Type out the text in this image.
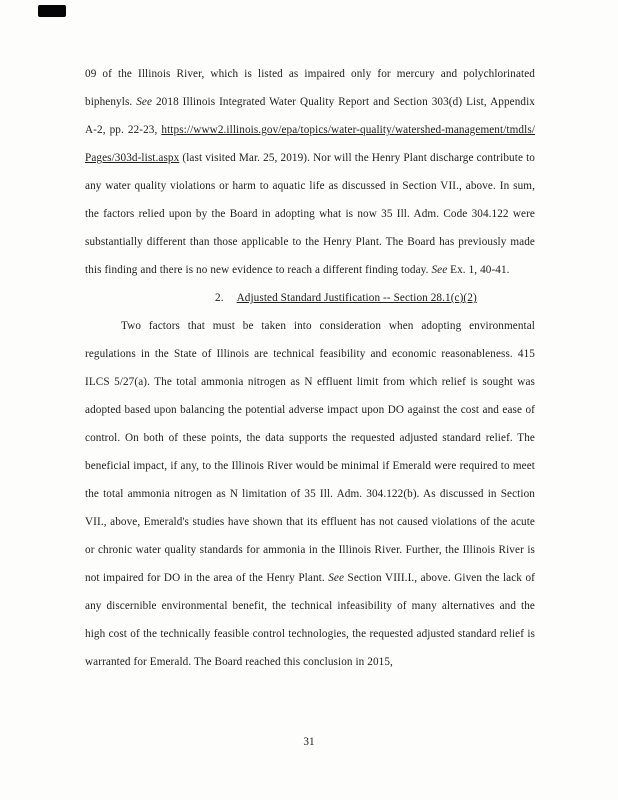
09 of the Illinois River, which is listed as impaired only for mercury and polychlorinated biphenyls. See 2018 Illinois Integrated Water Quality Report and Section 303(d) List, Appendix A-2, pp. 22-23, https://www2.illinois.gov/epa/topics/water-quality/watershed-management/tmdls/Pages/303d-list.aspx (last visited Mar. 25, 2019). Nor will the Henry Plant discharge contribute to any water quality violations or harm to aquatic life as discussed in Section VII., above. In sum, the factors relied upon by the Board in adopting what is now 35 Ill. Adm. Code 304.122 were substantially different than those applicable to the Henry Plant. The Board has previously made this finding and there is no new evidence to reach a different finding today. See Ex. 1, 40-41.

2. Adjusted Standard Justification -- Section 28.1(c)(2)

Two factors that must be taken into consideration when adopting environmental regulations in the State of Illinois are technical feasibility and economic reasonableness. 415 ILCS 5/27(a). The total ammonia nitrogen as N effluent limit from which relief is sought was adopted based upon balancing the potential adverse impact upon DO against the cost and ease of control. On both of these points, the data supports the requested adjusted standard relief. The beneficial impact, if any, to the Illinois River would be minimal if Emerald were required to meet the total ammonia nitrogen as N limitation of 35 Ill. Adm. 304.122(b). As discussed in Section VII., above, Emerald's studies have shown that its effluent has not caused violations of the acute or chronic water quality standards for ammonia in the Illinois River. Further, the Illinois River is not impaired for DO in the area of the Henry Plant. See Section VIII.I., above. Given the lack of any discernible environmental benefit, the technical infeasibility of many alternatives and the high cost of the technically feasible control technologies, the requested adjusted standard relief is warranted for Emerald. The Board reached this conclusion in 2015,

31
